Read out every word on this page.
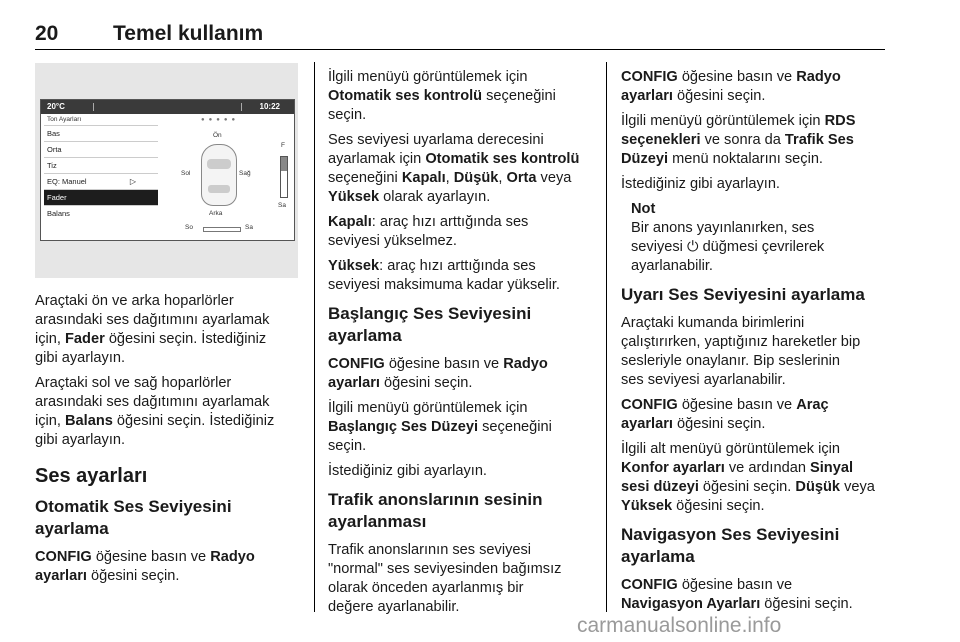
20	Temel kullanım
20°C	10:22
Ton Ayarları	●●●●●
Bas
Orta
Tiz
EQ: Manuel	▷
Fader
Balans
Ön
Sol	Sağ
Arka
F
Sa
So	Sa

Araçtaki ön ve arka hoparlörler
arasındaki ses dağıtımını ayarlamak
için, Fader öğesini seçin. İstediğiniz
gibi ayarlayın.

Araçtaki sol ve sağ hoparlörler
arasındaki ses dağıtımını ayarlamak
için, Balans öğesini seçin. İstediğiniz
gibi ayarlayın.

Ses ayarları

Otomatik Ses Seviyesini
ayarlama

CONFIG öğesine basın ve Radyo
ayarları öğesini seçin.

İlgili menüyü görüntülemek için
Otomatik ses kontrolü seçeneğini
seçin.

Ses seviyesi uyarlama derecesini
ayarlamak için Otomatik ses kontrolü
seçeneğini Kapalı, Düşük, Orta veya
Yüksek olarak ayarlayın.

Kapalı: araç hızı arttığında ses
seviyesi yükselmez.

Yüksek: araç hızı arttığında ses
seviyesi maksimuma kadar yükselir.

Başlangıç Ses Seviyesini
ayarlama

CONFIG öğesine basın ve Radyo
ayarları öğesini seçin.

İlgili menüyü görüntülemek için
Başlangıç Ses Düzeyi seçeneğini
seçin.

İstediğiniz gibi ayarlayın.

Trafik anonslarının sesinin
ayarlanması

Trafik anonslarının ses seviyesi
"normal" ses seviyesinden bağımsız
olarak önceden ayarlanmış bir
değere ayarlanabilir.

CONFIG öğesine basın ve Radyo
ayarları öğesini seçin.

İlgili menüyü görüntülemek için RDS
seçenekleri ve sonra da Trafik Ses
Düzeyi menü noktalarını seçin.

İstediğiniz gibi ayarlayın.

Not
Bir anons yayınlanırken, ses
seviyesi ⏻ düğmesi çevrilerek
ayarlanabilir.

Uyarı Ses Seviyesini ayarlama

Araçtaki kumanda birimlerini
çalıştırırken, yaptığınız hareketler bip
sesleriyle onaylanır. Bip seslerinin
ses seviyesi ayarlanabilir.

CONFIG öğesine basın ve Araç
ayarları öğesini seçin.

İlgili alt menüyü görüntülemek için
Konfor ayarları ve ardından Sinyal
sesi düzeyi öğesini seçin. Düşük veya
Yüksek öğesini seçin.

Navigasyon Ses Seviyesini
ayarlama

CONFIG öğesine basın ve
Navigasyon Ayarları öğesini seçin.

carmanualsonline.info
